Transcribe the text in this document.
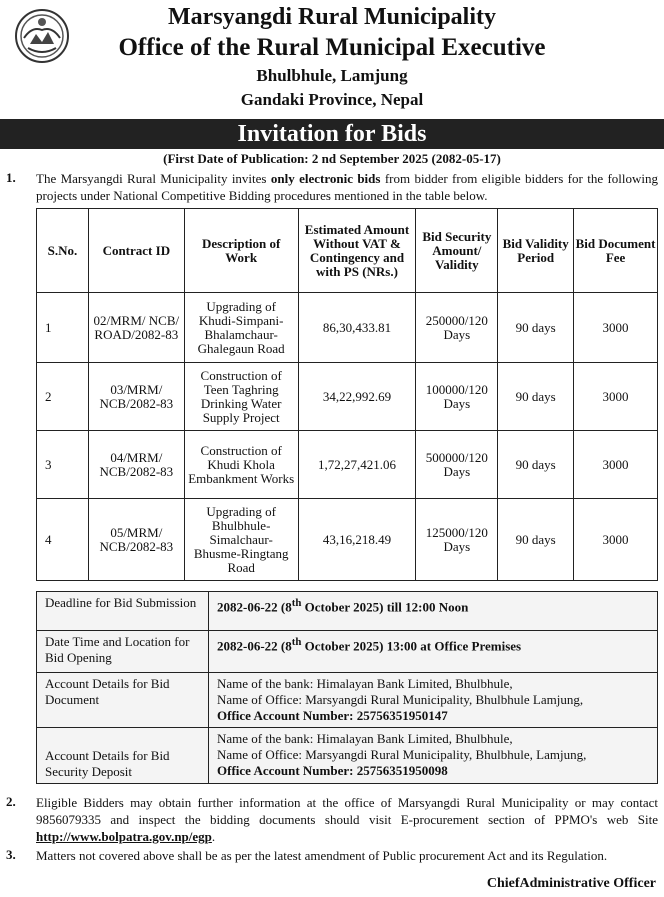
Marsyangdi Rural Municipality
Office of the Rural Municipal Executive
Bhulbhule, Lamjung
Gandaki Province, Nepal
Invitation for Bids
(First Date of Publication: 2 nd September 2025 (2082-05-17)
1. The Marsyangdi Rural Municipality invites only electronic bids from bidder from eligible bidders for the following projects under National Competitive Bidding procedures mentioned in the table below.
S.No.	Contract ID	Description of Work	Estimated Amount Without VAT & Contingency and with PS (NRs.)	Bid Security Amount/ Validity	Bid Validity Period	Bid Document Fee
1	02/MRM/ NCB/ ROAD/2082-83	Upgrading of Khudi-Simpani-Bhalamchaur-Ghalegaun Road	86,30,433.81	250000/120 Days	90 days	3000
2	03/MRM/ NCB/2082-83	Construction of Teen Taghring Drinking Water Supply Project	34,22,992.69	100000/120 Days	90 days	3000
3	04/MRM/ NCB/2082-83	Construction of Khudi Khola Embankment Works	1,72,27,421.06	500000/120 Days	90 days	3000
4	05/MRM/ NCB/2082-83	Upgrading of Bhulbhule-Simalchaur-Bhusme-Ringtang Road	43,16,218.49	125000/120 Days	90 days	3000
Deadline for Bid Submission	2082-06-22 (8th October 2025) till 12:00 Noon
Date Time and Location for Bid Opening	2082-06-22 (8th October 2025) 13:00 at Office Premises
Account Details for Bid Document	Name of the bank: Himalayan Bank Limited, Bhulbhule,
Name of Office: Marsyangdi Rural Municipality, Bhulbhule Lamjung,
Office Account Number: 25756351950147

Account Details for Bid Security Deposit	Name of the bank: Himalayan Bank Limited, Bhulbhule,
Name of Office: Marsyangdi Rural Municipality, Bhulbhule, Lamjung,
Office Account Number: 25756351950098
2. Eligible Bidders may obtain further information at the office of Marsyangdi Rural Municipality or may contact 9856079335 and inspect the bidding documents should visit E-procurement section of PPMO's web Site http://www.bolpatra.gov.np/egp.
3. Matters not covered above shall be as per the latest amendment of Public procurement Act and its Regulation.
ChiefAdministrative Officer
